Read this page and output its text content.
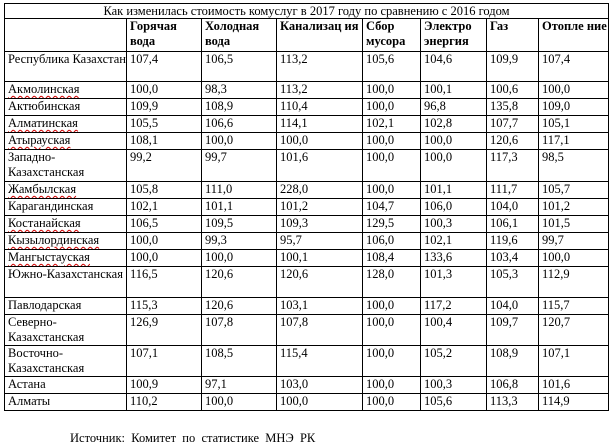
Как изменилась стоимость комуслуг в 2017 году по сравнению с 2016 годом							
	Горячая вода	Холодная вода	Канализац ия	Сбор мусора	Электро энергия	Газ	Отопле ние
Республика Казахстан	107,4	106,5	113,2	105,6	104,6	109,9	107,4
Акмолинская	100,0	98,3	113,2	100,0	100,1	100,6	100,0
Актюбинская	109,9	108,9	110,4	100,0	96,8	135,8	109,0
Алматинская	105,5	106,6	114,1	102,1	102,8	107,7	105,1
Атырауская	108,1	100,0	100,0	100,0	100,0	120,6	117,1
Западно-Казахстанская	99,2	99,7	101,6	100,0	100,0	117,3	98,5
Жамбылская	105,8	111,0	228,0	100,0	101,1	111,7	105,7
Карагандинская	102,1	101,1	101,2	104,7	106,0	104,0	101,2
Костанайская	106,5	109,5	109,3	129,5	100,3	106,1	101,5
Кызылординская	100,0	99,3	95,7	106,0	102,1	119,6	99,7
Мангыстауская	100,0	100,0	100,1	108,4	133,6	103,4	100,0
Южно-Казахстанская	116,5	120,6	120,6	128,0	101,3	105,3	112,9
Павлодарская	115,3	120,6	103,1	100,0	117,2	104,0	115,7
Северно-Казахстанская	126,9	107,8	107,8	100,0	100,4	109,7	120,7
Восточно-Казахстанская	107,1	108,5	115,4	100,0	105,2	108,9	107,1
Астана	100,9	97,1	103,0	100,0	100,3	106,8	101,6
Алматы	110,2	100,0	100,0	100,0	105,6	113,3	114,9
Источник:  Комитет  по  статистике  МНЭ  РК
